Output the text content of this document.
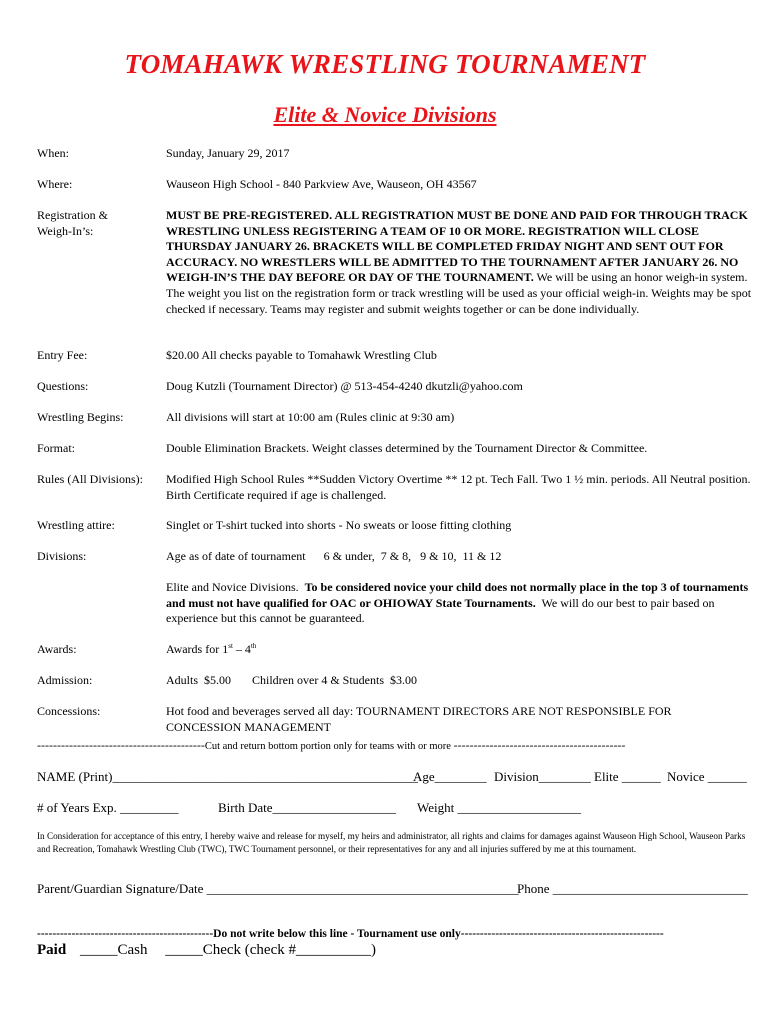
TOMAHAWK WRESTLING TOURNAMENT
Elite & Novice Divisions
When:	Sunday, January 29, 2017
Where:	Wauseon High School - 840 Parkview Ave, Wauseon, OH 43567
Registration &
Weigh-In’s:
MUST BE PRE-REGISTERED. ALL REGISTRATION MUST BE DONE AND PAID FOR THROUGH TRACK WRESTLING UNLESS REGISTERING A TEAM OF 10 OR MORE. REGISTRATION WILL CLOSE THURSDAY JANUARY 26. BRACKETS WILL BE COMPLETED FRIDAY NIGHT AND SENT OUT FOR ACCURACY. NO WRESTLERS WILL BE ADMITTED TO THE TOURNAMENT AFTER JANUARY 26. NO WEIGH-IN’S THE DAY BEFORE OR DAY OF THE TOURNAMENT. We will be using an honor weigh-in system. The weight you list on the registration form or track wrestling will be used as your official weigh-in. Weights may be spot checked if necessary. Teams may register and submit weights together or can be done individually.
Entry Fee:	$20.00 All checks payable to Tomahawk Wrestling Club
Questions:	Doug Kutzli (Tournament Director) @ 513-454-4240 dkutzli@yahoo.com
Wrestling Begins:	All divisions will start at 10:00 am (Rules clinic at 9:30 am)
Format:	Double Elimination Brackets. Weight classes determined by the Tournament Director & Committee.
Rules (All Divisions):	Modified High School Rules **Sudden Victory Overtime ** 12 pt. Tech Fall. Two 1 ½ min. periods. All Neutral position. Birth Certificate required if age is challenged.
Wrestling attire:	Singlet or T-shirt tucked into shorts - No sweats or loose fitting clothing
Divisions:	Age as of date of tournament      6 & under,  7 & 8,   9 & 10,  11 & 12
Elite and Novice Divisions.  To be considered novice your child does not normally place in the top 3 of tournaments and must not have qualified for OAC or OHIOWAY State Tournaments.  We will do our best to pair based on experience but this cannot be guaranteed.
Awards:	Awards for 1st – 4th
Admission:	Adults  $5.00       Children over 4 & Students  $3.00
Concessions:	Hot food and beverages served all day: TOURNAMENT DIRECTORS ARE NOT RESPONSIBLE FOR CONCESSION MANAGEMENT
------------------------------------------Cut and return bottom portion only for teams with or more -------------------------------------------
NAME (Print)_______________________________________________
Age________ Division________ Elite ______ Novice ______
# of Years Exp. _________	Birth Date___________________ Weight ___________________
In Consideration for acceptance of this entry, I hereby waive and release for myself, my heirs and administrator, all rights and claims for damages against Wauseon High School, Wauseon Parks and Recreation, Tomahawk Wrestling Club (TWC), TWC Tournament personnel, or their representatives for any and all injuries suffered by me at this tournament.
Parent/Guardian Signature/Date ________________________________________________
Phone ______________________________
----------------------------------------------Do not write below this line - Tournament use only-----------------------------------------------------
Paid _____Cash _____Check (check #__________)
